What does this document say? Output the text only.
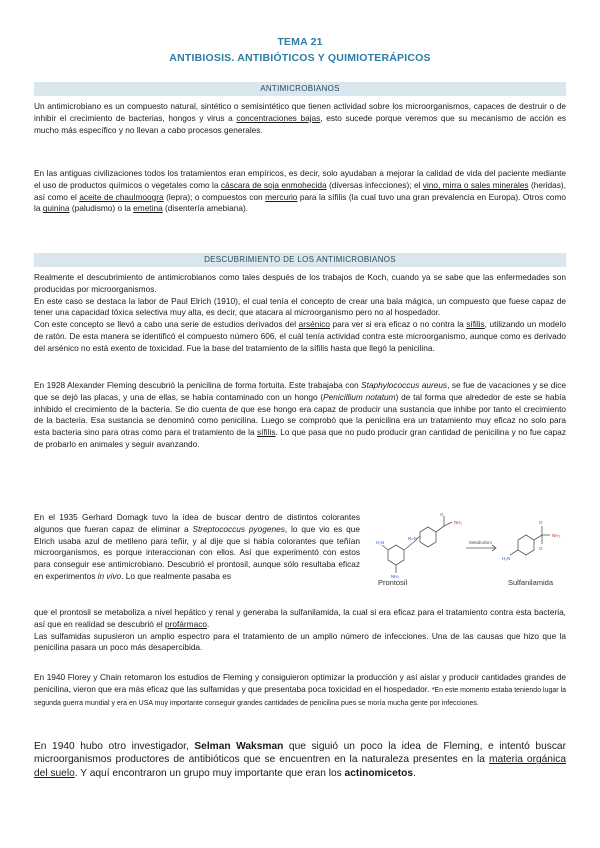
TEMA 21
ANTIBIOSIS. ANTIBIÓTICOS Y QUIMIOTERÁPICOS
ANTIMICROBIANOS
Un antimicrobiano es un compuesto natural, sintético o semisintético que tienen actividad sobre los microorganismos, capaces de destruir o de inhibir el crecimiento de bacterias, hongos y virus a concentraciones bajas, esto sucede porque veremos que su mecanismo de acción es mucho más específico y no llevan a cabo procesos generales.
En las antiguas civilizaciones todos los tratamientos eran empíricos, es decir, solo ayudaban a mejorar la calidad de vida del paciente mediante el uso de productos químicos o vegetales como la cáscara de soja enmohecida (diversas infecciones); el vino, mirra o sales minerales (heridas), así como el aceite de chaulmoogra (lepra); o compuestos con mercurio para la sífilis (la cual tuvo una gran prevalencia en Europa). Otros como la quinina (paludismo) o la emetina (disentería amebiana).
DESCUBRIMIENTO DE LOS ANTIMICROBIANOS
Realmente el descubrimiento de antimicrobianos como tales después de los trabajos de Koch, cuando ya se sabe que las enfermedades son producidas por microorganismos.
En este caso se destaca la labor de Paul Elrich (1910), el cual tenía el concepto de crear una bala mágica, un compuesto que fuese capaz de tener una capacidad tóxica selectiva muy alta, es decir, que atacara al microorganismo pero no al hospedador.
Con este concepto se llevó a cabo una serie de estudios derivados del arsénico para ver si era eficaz o no contra la sífilis, utilizando un modelo de ratón. De esta manera se identificó el compuesto número 606, el cuál tenía actividad contra este microorganismo, aunque como es derivado del arsénico no está exento de toxicidad. Fue la base del tratamiento de la sífilis hasta que llegó la penicilina.
En 1928 Alexander Fleming descubrió la penicilina de forma fortuita. Este trabajaba con Staphylococcus aureus, se fue de vacaciones y se dice que se dejó las placas, y una de ellas, se había contaminado con un hongo (Penicillium notatum) de tal forma que alrededor de este se había inhibido el crecimiento de la bacteria. Se dio cuenta de que ese hongo era capaz de producir una sustancia que inhibe por tanto el crecimiento de la bacteria. Esa sustancia se denominó como penicilina. Luego se comprobó que la penicilina era un tratamiento muy eficaz no solo para esta bacteria sino para otras como para el tratamiento de la sífilis. Lo que pasa que no pudo producir gran cantidad de penicilina y no fue capaz de probarlo en animales y seguir avanzando.
En el 1935 Gerhard Domagk tuvo la idea de buscar dentro de distintos colorantes algunos que fueran capaz de eliminar a Streptococcus pyogenes, lo que vio es que Elrich usaba azul de metileno para teñir, y al dije que si había colorantes que teñían microorganismos, es porque interaccionan con ellos. Así que experimentó con estos para conseguir ese antimicrobiano. Descubrió el prontosil, aunque sólo resultaba eficaz en experimentos in vivo. Lo que realmente pasaba es
que el prontosil se metaboliza a nivel hepático y renal y generaba la sulfanilamida, la cual si era eficaz para el tratamiento contra esta bacteria, así que en realidad se descubrió el profármaco.
Las sulfamidas supusieron un amplio espectro para el tratamiento de un amplio número de infecciones. Una de las causas que hizo que la penicilina pasara un poco más desapercibida.
O
NH₂	O
O
NH₂
N=N
H₂N
NH₂
H₂N
Metabolism
Prontosil	Sulfanilamida
En 1940 Florey y Chain retomaron los estudios de Fleming y consiguieron optimizar la producción y así aislar y producir cantidades grandes de penicilina, vieron que era más eficaz que las sulfamidas y que presentaba poca toxicidad en el hospedador. *En este momento estaba teniendo lugar la segunda guerra mundial y era en USA muy importante conseguir grandes cantidades de penicilina pues se moría mucha gente por infecciones.
En 1940 hubo otro investigador, Selman Waksman que siguió un poco la idea de Fleming, e intentó buscar microorganismos productores de antibióticos que se encuentren en la naturaleza presentes en la materia orgánica del suelo. Y aquí encontraron un grupo muy importante que eran los actinomicetos.
